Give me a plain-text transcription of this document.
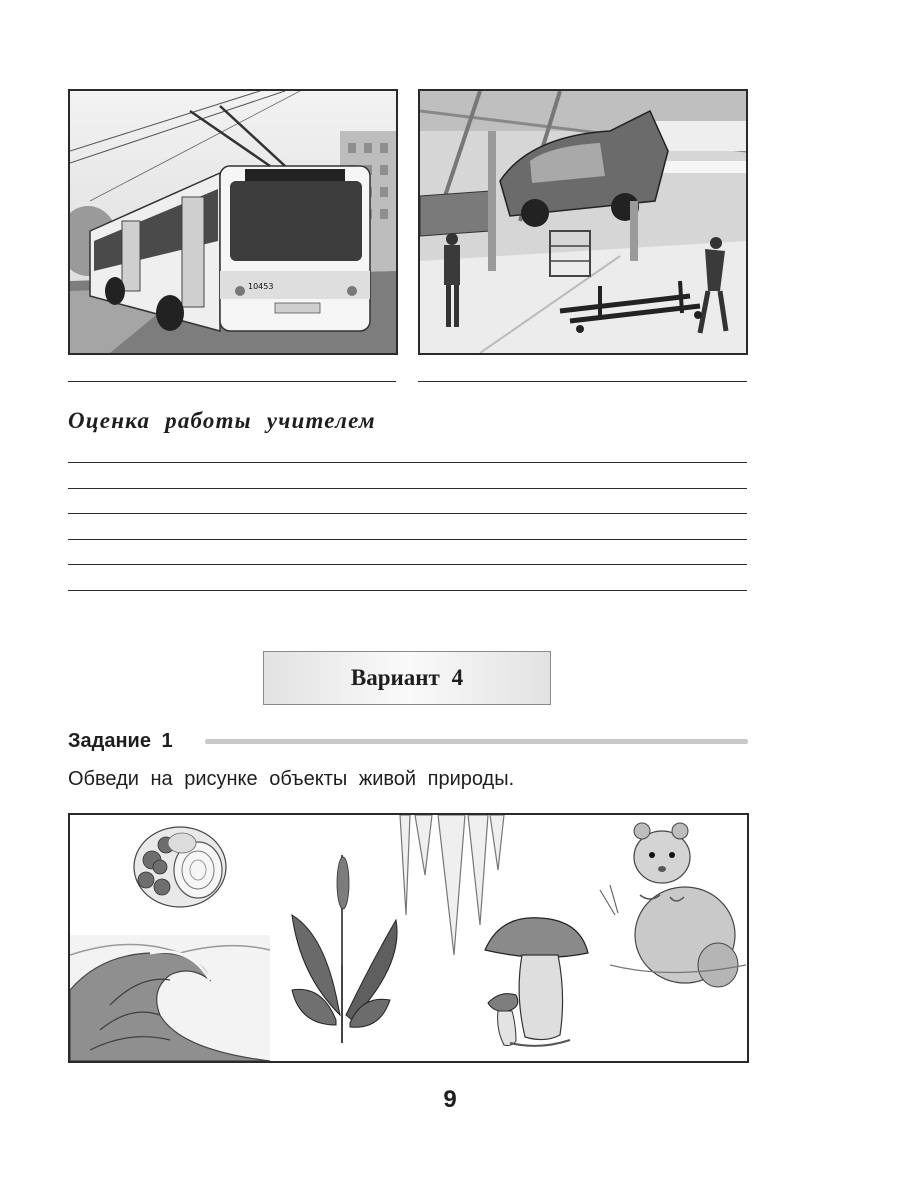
10453
Оценка работы учителем
Вариант 4
Задание 1
Обведи на рисунке объекты живой природы.
9
